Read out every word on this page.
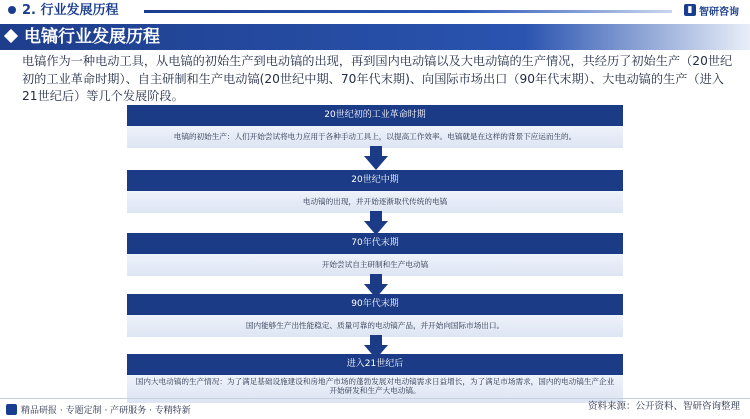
2. 行业发展历程	▮ 智研咨询
电镐行业发展历程
电镐作为一种电动工具，从电镐的初始生产到电动镐的出现，再到国内电动镐以及大电动镐的生产情况，共经历了初始生产（20世纪初的工业革命时期）、自主研制和生产电动镐(20世纪中期、70年代末期)、向国际市场出口（90年代末期）、大电动镐的生产（进入21世纪后）等几个发展阶段。
20世纪初的工业革命时期
电镐的初始生产：人们开始尝试将电力应用于各种手动工具上，以提高工作效率。电镐就是在这样的背景下应运而生的。
20世纪中期
电动镐的出现，并开始逐渐取代传统的电镐
70年代末期
开始尝试自主研制和生产电动镐
90年代末期
国内能够生产出性能稳定、质量可靠的电动镐产品，并开始向国际市场出口。
进入21世纪后
国内大电动镐的生产情况：为了满足基础设施建设和房地产市场的蓬勃发展对电动镐需求日益增长，为了满足市场需求，国内的电动镐生产企业开始研发和生产大电动镐。
精品研报 · 专题定制 · 产研服务 · 专精特新	资料来源：公开资料、智研咨询整理
